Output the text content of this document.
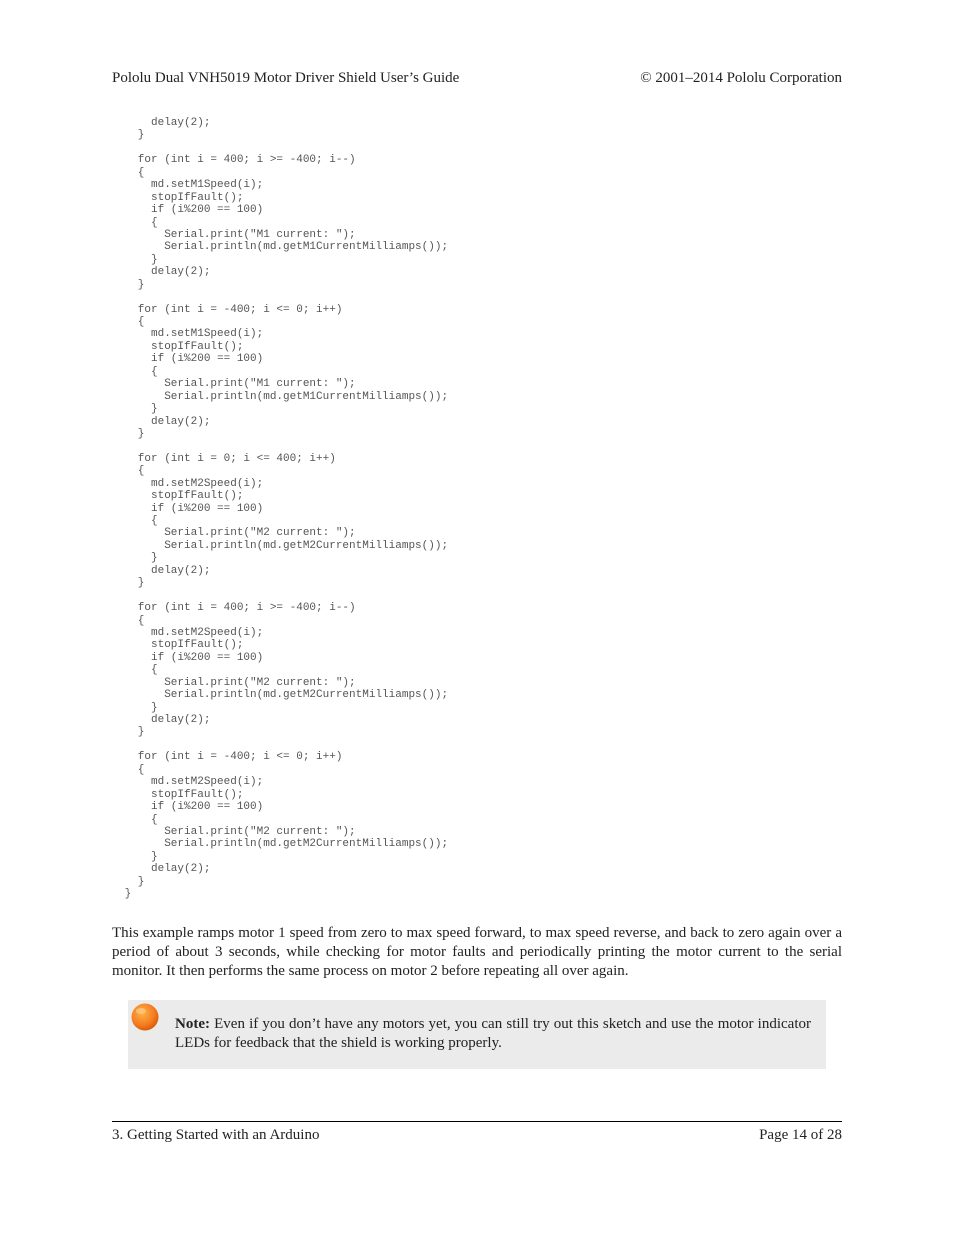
Pololu Dual VNH5019 Motor Driver Shield User’s Guide	© 2001–2014 Pololu Corporation
delay(2);
}
for (int i = 400; i >= -400; i--)
{
md.setM1Speed(i);
stopIfFault();
if (i%200 == 100)
{
Serial.print("M1 current: ");
Serial.println(md.getM1CurrentMilliamps());
}
delay(2);
}
for (int i = -400; i <= 0; i++)
{
md.setM1Speed(i);
stopIfFault();
if (i%200 == 100)
{
Serial.print("M1 current: ");
Serial.println(md.getM1CurrentMilliamps());
}
delay(2);
}
for (int i = 0; i <= 400; i++)
{
md.setM2Speed(i);
stopIfFault();
if (i%200 == 100)
{
Serial.print("M2 current: ");
Serial.println(md.getM2CurrentMilliamps());
}
delay(2);
}
for (int i = 400; i >= -400; i--)
{
md.setM2Speed(i);
stopIfFault();
if (i%200 == 100)
{
Serial.print("M2 current: ");
Serial.println(md.getM2CurrentMilliamps());
}
delay(2);
}
for (int i = -400; i <= 0; i++)
{
md.setM2Speed(i);
stopIfFault();
if (i%200 == 100)
{
Serial.print("M2 current: ");
Serial.println(md.getM2CurrentMilliamps());
}
delay(2);
}
}

This example ramps motor 1 speed from zero to max speed forward, to max speed reverse, and back to zero again over a period of about 3 seconds, while checking for motor faults and periodically printing the motor current to the serial monitor. It then performs the same process on motor 2 before repeating all over again.

Note: Even if you don’t have any motors yet, you can still try out this sketch and use the motor indicator LEDs for feedback that the shield is working properly.
3. Getting Started with an Arduino	Page 14 of 28
